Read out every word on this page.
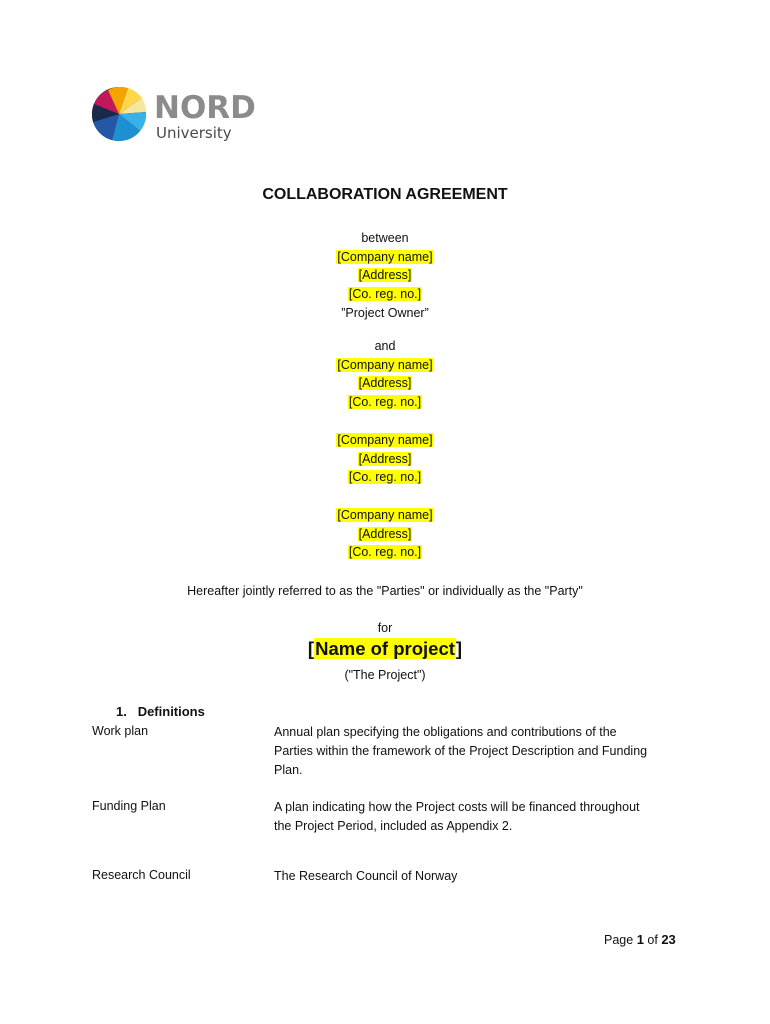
NORD
University
COLLABORATION AGREEMENT
between
[Company name]
[Address]
[Co. reg. no.]
”Project Owner”
and
[Company name]
[Address]
[Co. reg. no.]
[Company name]
[Address]
[Co. reg. no.]
[Company name]
[Address]
[Co. reg. no.]
Hereafter jointly referred to as the "Parties" or individually as the "Party"
for
[Name of project]
("The Project")
1. Definitions
Work plan	Annual plan specifying the obligations and contributions of the
Parties within the framework of the Project Description and Funding
Plan.
Funding Plan	A plan indicating how the Project costs will be financed throughout
the Project Period, included as Appendix 2.
Research Council	The Research Council of Norway
Page 1 of 23
